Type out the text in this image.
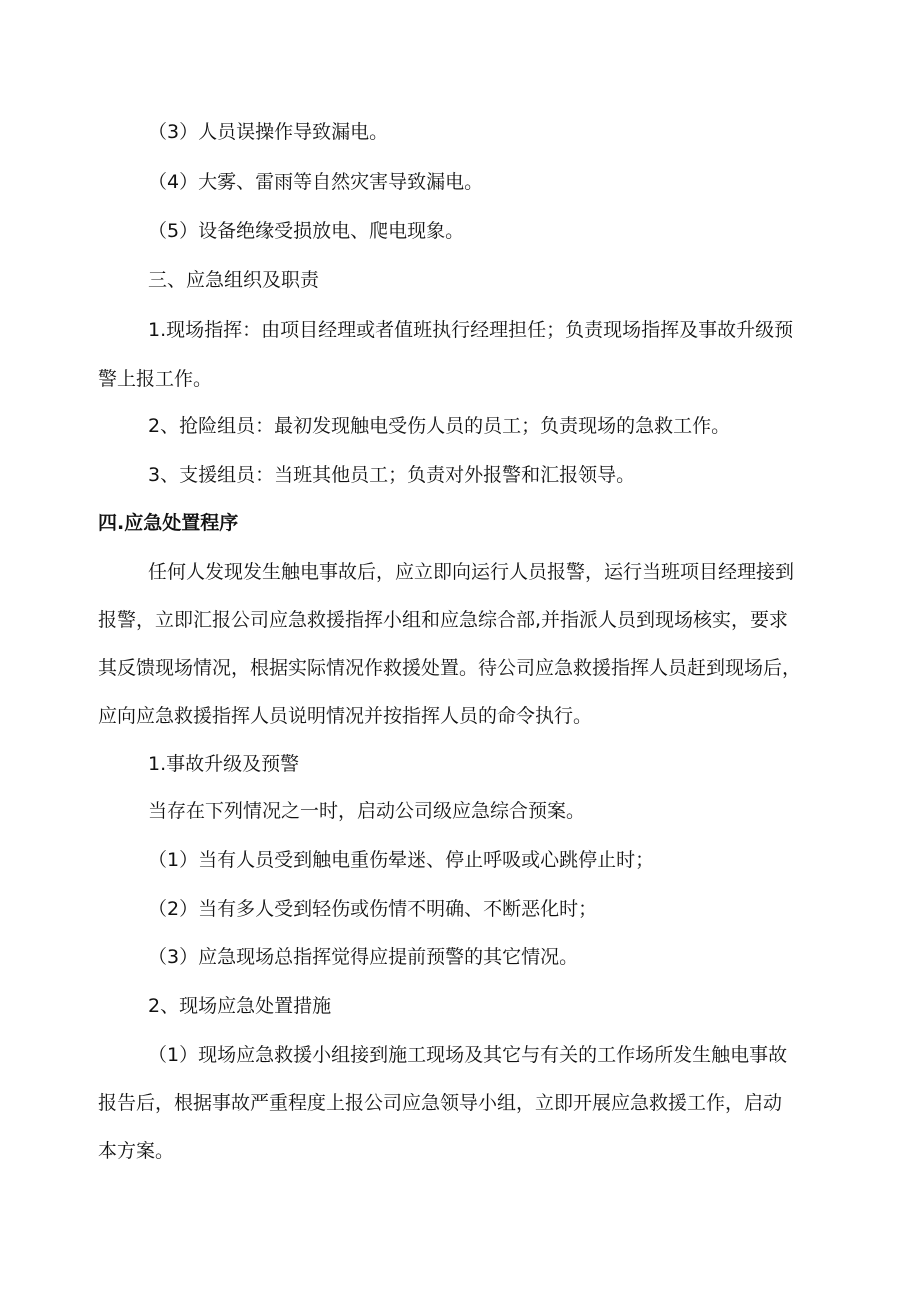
（3）人员误操作导致漏电。

（4）大雾、雷雨等自然灾害导致漏电。

（5）设备绝缘受损放电、爬电现象。

三、应急组织及职责

1.现场指挥：由项目经理或者值班执行经理担任；负责现场指挥及事故升级预

警上报工作。

2、抢险组员：最初发现触电受伤人员的员工；负责现场的急救工作。

3、支援组员：当班其他员工；负责对外报警和汇报领导。

四.应急处置程序

任何人发现发生触电事故后，应立即向运行人员报警，运行当班项目经理接到

报警，立即汇报公司应急救援指挥小组和应急综合部,并指派人员到现场核实，要求

其反馈现场情况，根据实际情况作救援处置。待公司应急救援指挥人员赶到现场后，

应向应急救援指挥人员说明情况并按指挥人员的命令执行。

1.事故升级及预警

当存在下列情况之一时，启动公司级应急综合预案。

（1）当有人员受到触电重伤晕迷、停止呼吸或心跳停止时；

（2）当有多人受到轻伤或伤情不明确、不断恶化时；

（3）应急现场总指挥觉得应提前预警的其它情况。

2、现场应急处置措施

（1）现场应急救援小组接到施工现场及其它与有关的工作场所发生触电事故

报告后，根据事故严重程度上报公司应急领导小组，立即开展应急救援工作，启动

本方案。
